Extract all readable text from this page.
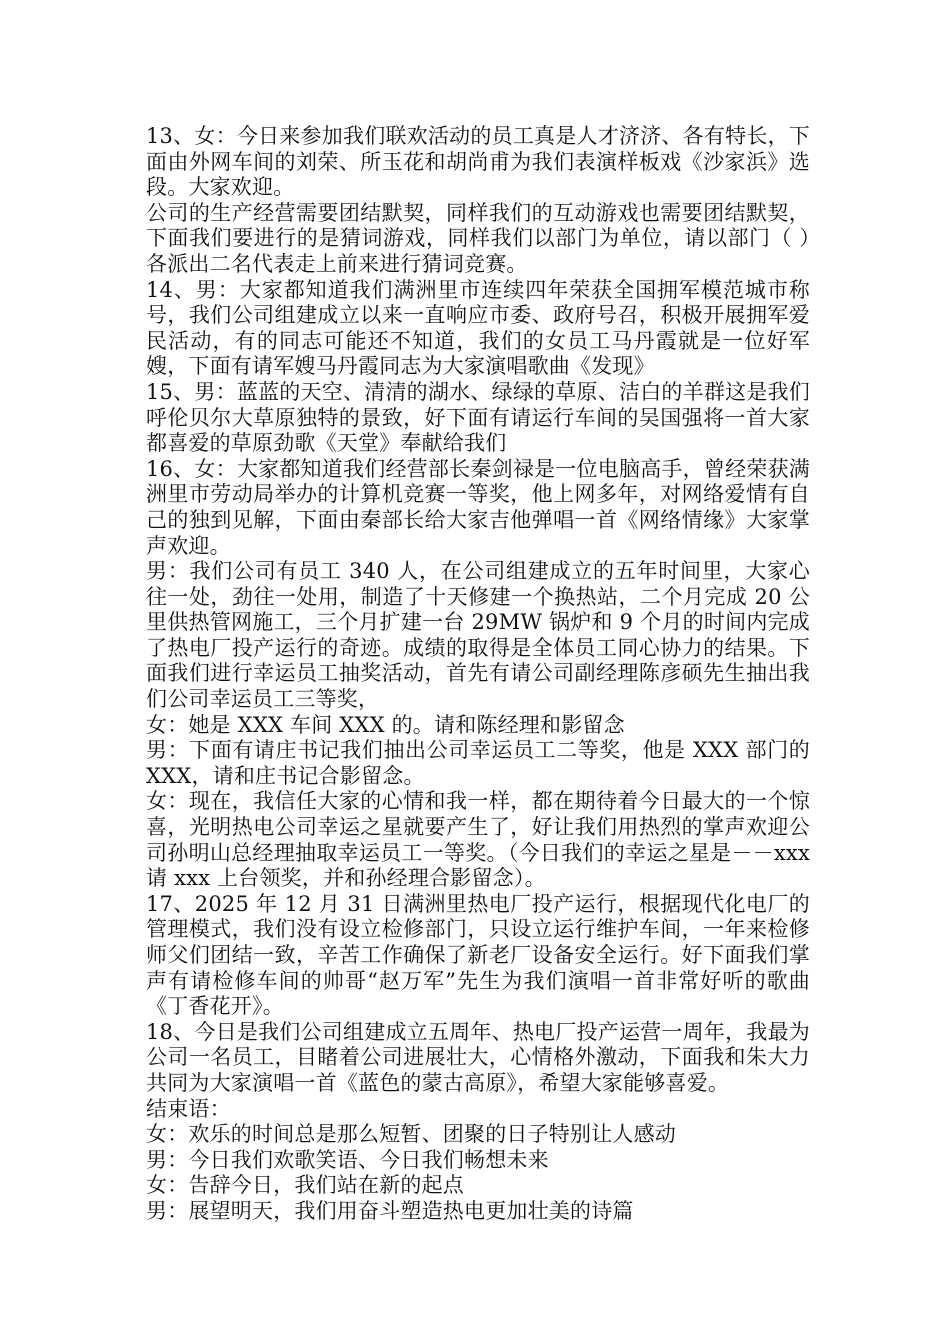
13、女：今日来参加我们联欢活动的员工真是人才济济、各有特长，下面由外网车间的刘荣、所玉花和胡尚甫为我们表演样板戏《沙家浜》选段。大家欢迎。

公司的生产经营需要团结默契，同样我们的互动游戏也需要团结默契，下面我们要进行的是猜词游戏，同样我们以部门为单位，请以部门（ ）各派出二名代表走上前来进行猜词竞赛。

14、男：大家都知道我们满洲里市连续四年荣获全国拥军模范城市称号，我们公司组建成立以来一直响应市委、政府号召，积极开展拥军爱民活动，有的同志可能还不知道，我们的女员工马丹霞就是一位好军嫂，下面有请军嫂马丹霞同志为大家演唱歌曲《发现》

15、男：蓝蓝的天空、清清的湖水、绿绿的草原、洁白的羊群这是我们呼伦贝尔大草原独特的景致，好下面有请运行车间的吴国强将一首大家都喜爱的草原劲歌《天堂》奉献给我们

16、女：大家都知道我们经营部长秦剑禄是一位电脑高手，曾经荣获满洲里市劳动局举办的计算机竞赛一等奖，他上网多年，对网络爱情有自己的独到见解，下面由秦部长给大家吉他弹唱一首《网络情缘》大家掌声欢迎。

男：我们公司有员工 340 人，在公司组建成立的五年时间里，大家心往一处，劲往一处用，制造了十天修建一个换热站，二个月完成 20 公里供热管网施工，三个月扩建一台 29MW 锅炉和 9 个月的时间内完成了热电厂投产运行的奇迹。成绩的取得是全体员工同心协力的结果。下面我们进行幸运员工抽奖活动，首先有请公司副经理陈彦硕先生抽出我们公司幸运员工三等奖，

女：她是 XXX 车间 XXX 的。请和陈经理和影留念

男：下面有请庄书记我们抽出公司幸运员工二等奖，他是 XXX 部门的 XXX，请和庄书记合影留念。

女：现在，我信任大家的心情和我一样，都在期待着今日最大的一个惊喜，光明热电公司幸运之星就要产生了，好让我们用热烈的掌声欢迎公司孙明山总经理抽取幸运员工一等奖。（今日我们的幸运之星是－－xxx 请 xxx 上台领奖，并和孙经理合影留念）。

17、2025 年 12 月 31 日满洲里热电厂投产运行，根据现代化电厂的管理模式，我们没有设立检修部门，只设立运行维护车间，一年来检修师父们团结一致，辛苦工作确保了新老厂设备安全运行。好下面我们掌声有请检修车间的帅哥“赵万军”先生为我们演唱一首非常好听的歌曲《丁香花开》。

18、今日是我们公司组建成立五周年、热电厂投产运营一周年，我最为公司一名员工，目睹着公司进展壮大，心情格外激动，下面我和朱大力共同为大家演唱一首《蓝色的蒙古高原》，希望大家能够喜爱。

结束语：

女：欢乐的时间总是那么短暂、团聚的日子特别让人感动

男：今日我们欢歌笑语、今日我们畅想未来

女：告辞今日，我们站在新的起点

男：展望明天，我们用奋斗塑造热电更加壮美的诗篇
